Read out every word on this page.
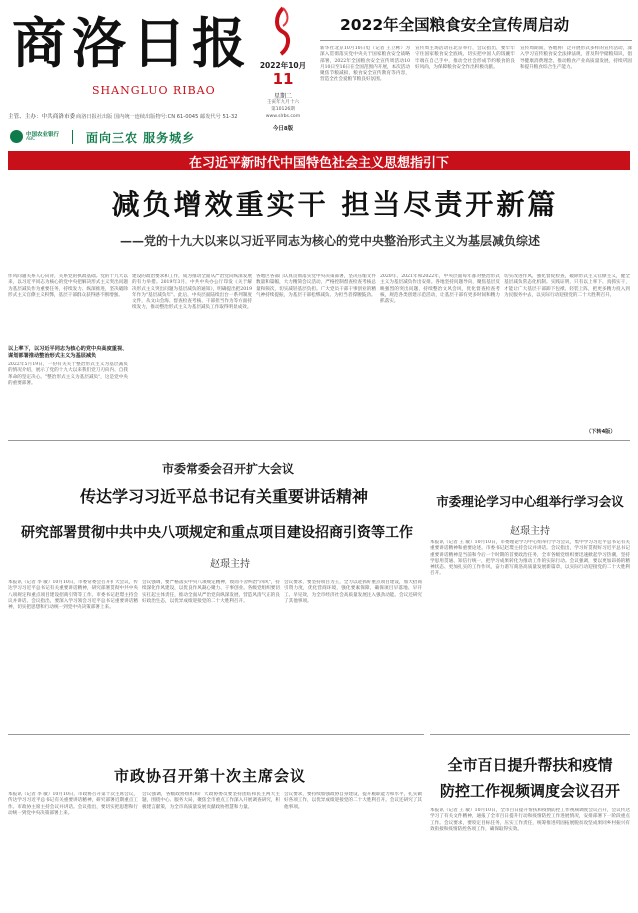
商洛日报
SHANGLUO RIBAO
主管、主办：中共商洛市委 商洛日报社出版 国内统一连续出版物号:CN 61-0045 邮发代号 51-32
中国农业银行
ABC	面向三农 服务城乡
2022年10月
11
星期二
壬寅年九月十六
第10126期
www.slrbs.com
今日8版
2022年全国粮食安全宣传周启动
新华社北京10月10日电（记者 王立彬）为深入贯彻落实党中央关于国家粮食安全战略部署，2022年全国粮食安全宣传周活动10月10日至16日在全国范围内开展，本次活动聚焦节粮减损、粮食安全宣传教育等内容，营造全社会爱粮节粮良好氛围。
宣传周主场活动在北京举行，会议指出，要牢牢守住国家粮食安全底线，切实把中国人的饭碗牢牢端在自己手中，推动全社会形成节约粮食的良好风尚，为保障粮食安全作出积极贡献。
宣传周期间，各地将广泛开展形式多样的宣传活动，深入学习宣传粮食安全法律法规，普及科学储粮知识，倡导健康消费理念，推动粮食产业高质量发展，持续巩固和提升粮食综合生产能力。
在习近平新时代中国特色社会主义思想指引下
减负增效重实干 担当尽责开新篇
——党的十九大以来以习近平同志为核心的党中央整治形式主义为基层减负综述
作风问题关系人心向背，关系党的执政基础。党的十九大以来，以习近平同志为核心的党中央把解决形式主义突出问题为基层减负作为重要任务，持续发力、纵深推进，坚决破除形式主义官僚主义积弊，基层干部群众获得感不断增强。
以上率下，以习近平同志为核心的党中央高度重视、谋划部署推动整治形式主义为基层减负
2022年5月19日，一份有关关于整治形式主义为基层减负的情况介绍，展示了党的十九大以来我们党刀刃向内、自我革命的坚定决心。"整治形式主义为基层减负"，这是党中央的重要部署。
建设的政治要求和工作，成为推动全面从严治党向纵深发展的有力举措。2019年3月，中共中央办公厅印发《关于解决形式主义突出问题为基层减负的通知》，明确提出把2019年作为"基层减负年"。此后，中央层面陆续出台一系列制度文件，从文山会海、督查检查考核、干部担当作为等方面持续发力，推动整治形式主义为基层减负工作取得明显成效。
各地区各部门认真贯彻落实党中央决策部署，坚决压缩文件数量和篇幅，大力精简会议活动，严格控制督查检查考核总量和频次，切实减轻基层负担。广大党员干部干事创业的精气神持续提振，为基层干部松绑减负、为担当者撑腰鼓劲。
2020年、2021年和2022年，中央层面每年都对整治形式主义为基层减负作出安排。各地坚持问题导向，聚焦基层反映强烈的突出问题，持续整治文风会风，优化督查检查考核，规范各类创建示范活动，让基层干部有更多时间和精力抓落实。
切实改进作风，强化督促检查，破除形式主义官僚主义，健全基层减负常态化机制。实践证明，只有以上率下、真抓实干，才能让广大基层干部卸下包袱、轻装上阵，把更多精力投入到为民服务中去，以实际行动迎接党的二十大胜利召开。
（下转4版）
市委常委会召开扩大会议
传达学习习近平总书记有关重要讲话精神
研究部署贯彻中共中央八项规定和重点项目建设招商引资等工作
赵璟主持
本报讯（记者 李 敏）10月10日，市委常委会召开扩大会议，传达学习习近平总书记有关重要讲话精神，研究部署贯彻中共中央八项规定和重点项目建设招商引资等工作。市委书记赵璟主持会议并讲话。会议指出，要深入学习领会习近平总书记重要讲话精神，切实把思想和行动统一到党中央决策部署上来。
会议强调，要严格落实中央八项规定精神，锲而不舍纠治"四风"，持续深化作风建设，以优良作风凝心聚力、干事创业。各级党组织要切实扛起主体责任，推动全面从严治党向纵深发展，营造风清气正的良好政治生态，以优异成绩迎接党的二十大胜利召开。
会议要求，要坚持项目为王，全力以赴抓好重点项目建设，加大招商引资力度，优化营商环境，强化要素保障，确保项目早落地、早开工、早见效，为全市经济社会高质量发展注入强劲动能。会议还研究了其他事项。
市委理论学习中心组举行学习会议
赵璟主持
本报讯（记者 王 敏）10月10日，市委理论学习中心组举行学习会议，集中学习习近平总书记有关重要讲话精神和重要论述。市委书记赵璟主持会议并讲话。会议指出，学习好贯彻好习近平总书记重要讲话精神是当前和今后一个时期的首要政治任务，全市各级党组织要迅速掀起学习热潮，坚持学思用贯通、知信行统一，把学习成果转化为推动工作的实际行动。会议强调，要以更加昂扬的精神状态、更加扎实的工作作风，奋力谱写商洛高质量发展新篇章，以实际行动迎接党的二十大胜利召开。
市政协召开第十次主席会议
本报讯（记者 李 敏）10月10日，市政协召开第十次主席会议，传达学习习近平总书记有关重要讲话精神，研究部署近期重点工作。市政协主席主持会议并讲话。会议指出，要切实把思想和行动统一到党中央决策部署上来。
会议强调，各级政协组织和广大政协委员要坚持团结和民主两大主题，围绕中心、服务大局，聚焦全市重点工作深入开展调查研究，积极建言献策，为全市高质量发展贡献政协智慧和力量。
会议要求，要持续加强政协自身建设，提升履职能力和水平，扎实做好各项工作，以优异成绩迎接党的二十大胜利召开。会议还研究了其他事项。
全市百日提升帮扶和疫情
防控工作视频调度会议召开
本报讯（记者 王 敏）10月10日，全市百日提升帮扶和疫情防控工作视频调度会议召开，会议传达学习了有关文件精神，通报了全市百日提升行动和疫情防控工作进展情况，安排部署下一阶段重点工作。会议要求，要咬定目标任务，压实工作责任，统筹推进巩固拓展脱贫攻坚成果同乡村振兴有效衔接和疫情防控各项工作，确保取得实效。
